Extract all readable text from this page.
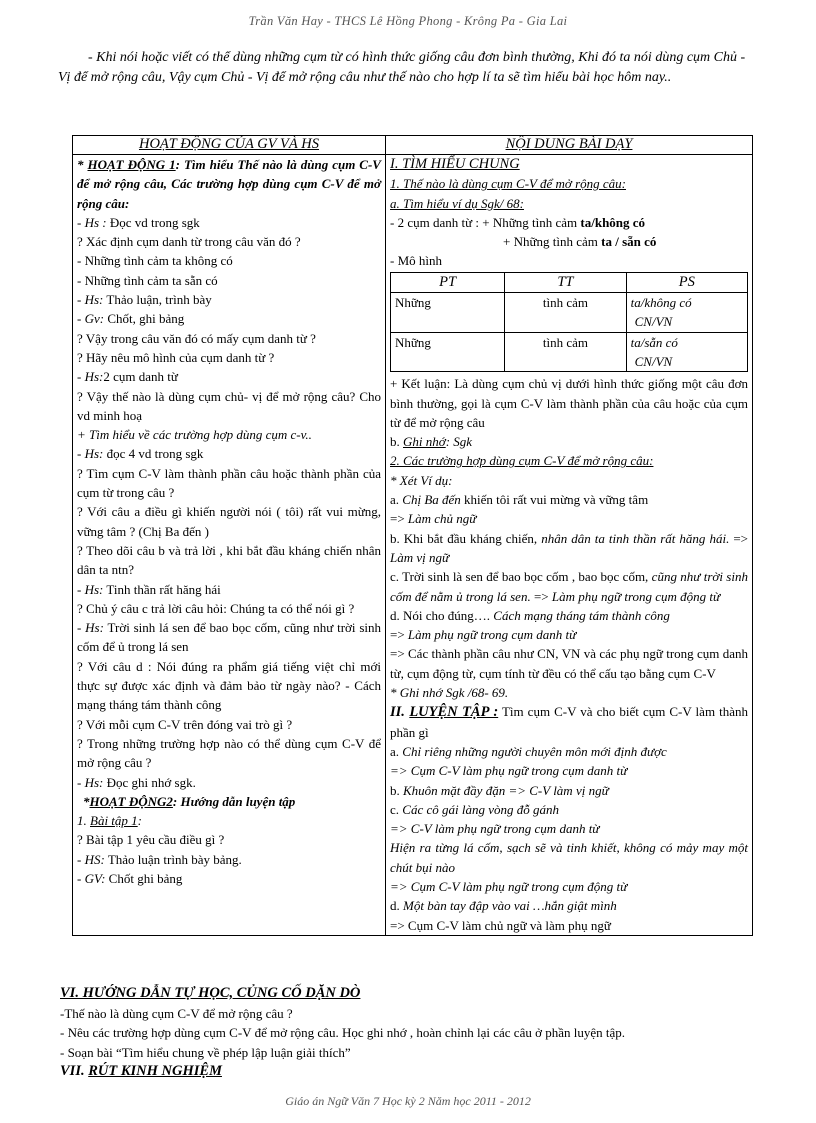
Trần Văn Hay - THCS Lê Hồng Phong - Krông Pa - Gia Lai
- Khi nói hoặc viết có thể dùng những cụm từ có hình thức giống câu đơn bình thường, Khi đó ta nói dùng cụm Chủ - Vị để mở rộng câu, Vậy cụm Chủ - Vị để mở rộng câu như thế nào cho hợp lí ta sẽ tìm hiểu bài học hôm nay..
HOẠT ĐỘNG CỦA GV VÀ HS	NỘI DUNG BÀI DẠY

* HOẠT ĐỘNG 1: Tìm hiểu Thế nào là dùng cụm C-V để mở rộng câu, Các trường hợp dùng cụm C-V để mở rộng câu:
- Hs : Đọc vd trong sgk
? Xác định cụm danh từ trong câu văn đó ?
- Những tình cảm ta không có
- Những tình cảm ta sẵn có
- Hs: Thảo luận, trình bày
- Gv: Chốt, ghi bảng
? Vậy trong câu văn đó có mấy cụm danh từ ?
? Hãy nêu mô hình của cụm danh từ ?
- Hs:2 cụm danh từ
? Vậy thế nào là dùng cụm chủ- vị để mở rộng câu? Cho vd minh hoạ
+ Tìm hiểu về các trường hợp dùng cụm c-v..
- Hs: đọc 4 vd trong sgk
? Tìm cụm C-V làm thành phần câu hoặc thành phần của cụm từ trong câu ?
? Với câu a điều gì khiến người nói ( tôi) rất vui mừng, vững tâm ? (Chị Ba đến )
? Theo dõi câu b và trả lời , khi bắt đầu kháng chiến nhân dân ta ntn?
- Hs: Tinh thần rất hăng hái
? Chủ ý câu c trả lời câu hỏi: Chúng ta có thể nói gì ?
- Hs: Trời sinh lá sen để bao bọc cốm, cũng như trời sinh cốm để ủ trong lá sen
? Với câu d : Nói đúng ra phẩm giá tiếng việt chỉ mới thực sự được xác định và đảm bảo từ ngày nào? - Cách mạng tháng tám thành công
? Với mỗi cụm C-V trên đóng vai trò gì ?
? Trong những trường hợp nào có thể dùng cụm C-V để mở rộng câu ?
- Hs: Đọc ghi nhớ sgk.
*HOẠT ĐỘNG2: Hướng dẫn luyện tập
1. Bài tập 1:
? Bài tập 1 yêu cầu điều gì ?
- HS: Thảo luận trình bày bảng.
- GV: Chốt ghi bảng

I. TÌM HIỂU CHUNG
1. Thế nào là dùng cụm C-V để mở rộng câu:
a. Tìm hiểu ví dụ Sgk/ 68:
- 2 cụm danh từ : + Những tình cảm ta/không có
+ Những tình cảm ta / sẵn có
- Mô hình
PT	TT	PS
Những	tình cảm	ta/không có
CN/VN

Những	tình cảm	ta/sẵn có
CN/VN
+ Kết luận: Là dùng cụm chủ vị dưới hình thức giống một câu đơn bình thường, gọi là cụm C-V làm thành phần của câu hoặc của cụm từ để mở rộng câu
b. Ghi nhớ: Sgk
2. Các trường hợp dùng cụm C-V để mở rộng câu:
* Xét Ví dụ:
a. Chị Ba đến khiến tôi rất vui mừng và vững tâm
=> Làm chủ ngữ
b. Khi bắt đầu kháng chiến, nhân dân ta tinh thần rất hăng hái. => Làm vị ngữ
c. Trời sinh là sen để bao bọc cốm , bao bọc cốm, cũng như trời sinh cốm để nằm ủ trong lá sen. => Làm phụ ngữ trong cụm động từ
d. Nói cho đúng…. Cách mạng tháng tám thành công
=> Làm phụ ngữ trong cụm danh từ
=> Các thành phần câu như CN, VN và các phụ ngữ trong cụm danh từ, cụm động từ, cụm tính từ đều có thể cấu tạo bằng cụm C-V
* Ghi nhớ Sgk /68- 69.
II. LUYỆN TẬP : Tìm cụm C-V và cho biết cụm C-V làm thành phần gì
a. Chỉ riêng những người chuyên môn mới định được
=> Cụm C-V làm phụ ngữ trong cụm danh từ
b. Khuôn mặt đầy đặn => C-V làm vị ngữ
c. Các cô gái làng vòng đỗ gánh
=> C-V làm phụ ngữ trong cụm danh từ
Hiện ra từng lá cốm, sạch sẽ và tinh khiết, không có mảy may một chút bụi nào
=> Cụm C-V làm phụ ngữ trong cụm động từ
d. Một bàn tay đập vào vai …hắn giật mình
=> Cụm C-V làm chủ ngữ và làm phụ ngữ
VI. HƯỚNG DẪN TỰ HỌC, CỦNG CỐ DẶN DÒ
-Thế nào là dùng cụm C-V để mở rộng câu ?
- Nêu các trường hợp dùng cụm C-V để mở rộng câu. Học ghi nhớ , hoàn chỉnh lại các câu ở phần luyện tập.
- Soạn bài “Tìm hiểu chung về phép lập luận giải thích”
VII. RÚT KINH NGHIỆM
Giáo án Ngữ Văn 7 Học kỳ 2 Năm học 2011 - 2012
